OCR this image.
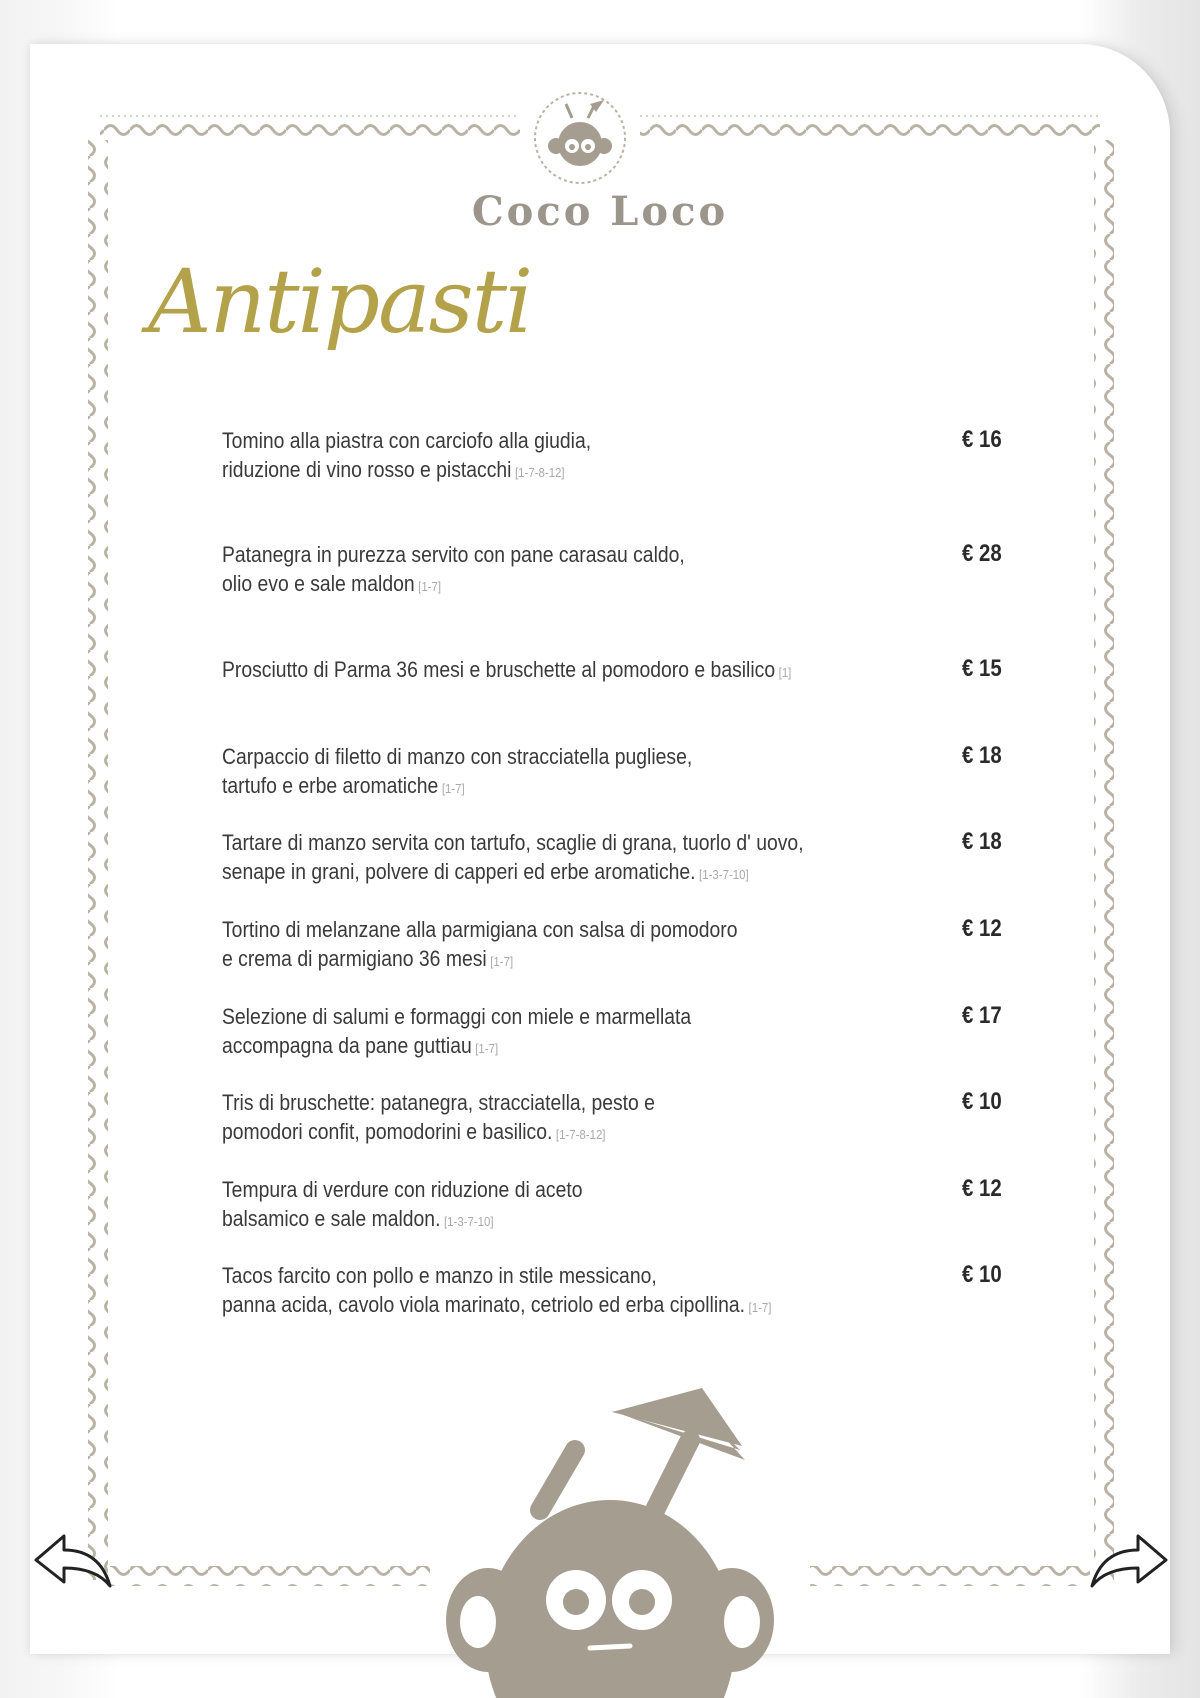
Coco Loco
Antipasti
Tomino alla piastra con carciofo alla giudia,
riduzione di vino rosso e pistacchi [1-7-8-12]
€ 16
Patanegra in purezza servito con pane carasau caldo,
olio evo e sale maldon [1-7]
€ 28
Prosciutto di Parma 36 mesi e bruschette al pomodoro e basilico [1]	€ 15
Carpaccio di filetto di manzo con stracciatella pugliese,
tartufo e erbe aromatiche [1-7]
€ 18
Tartare di manzo servita con tartufo, scaglie di grana, tuorlo d' uovo,
senape in grani, polvere di capperi ed erbe aromatiche. [1-3-7-10]
€ 18
Tortino di melanzane alla parmigiana con salsa di pomodoro
e crema di parmigiano 36 mesi [1-7]
€ 12
Selezione di salumi e formaggi con miele e marmellata
accompagna da pane guttiau [1-7]
€ 17
Tris di bruschette: patanegra, stracciatella, pesto e
pomodori confit, pomodorini e basilico. [1-7-8-12]
€ 10
Tempura di verdure con riduzione di aceto
balsamico e sale maldon. [1-3-7-10]
€ 12
Tacos farcito con pollo e manzo in stile messicano,
panna acida, cavolo viola marinato, cetriolo ed erba cipollina. [1-7]
€ 10
